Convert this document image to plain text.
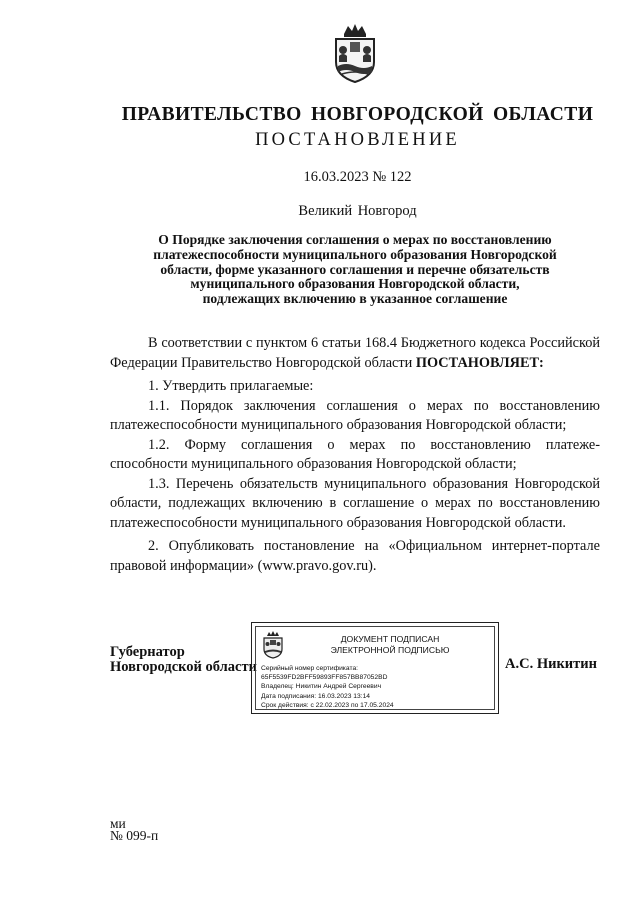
ПРАВИТЕЛЬСТВО НОВГОРОДСКОЙ ОБЛАСТИ
ПОСТАНОВЛЕНИЕ
16.03.2023 № 122
Великий Новгород
О Порядке заключения соглашения о мерах по восстановлению
платежеспособности муниципального образования Новгородской
области, форме указанного соглашения и перечне обязательств
муниципального образования Новгородской области,
подлежащих включению в указанное соглашение

В соответствии с пунктом 6 статьи 168.4 Бюджетного кодекса Российской Федерации Правительство Новгородской области ПОСТАНОВЛЯЕТ:

1. Утвердить прилагаемые:

1.1. Порядок заключения соглашения о мерах по восстановлению платежеспособности муниципального образования Новгородской области;

1.2. Форму соглашения о мерах по восстановлению платеже-

способности муниципального образования Новгородской области;

1.3. Перечень обязательств муниципального образования Новгородской области, подлежащих включению в соглашение о мерах по восстановлению платежеспособности муниципального образования Новгородской области.

2. Опубликовать постановление на «Официальном интернет-портале правовой информации» (www.pravo.gov.ru).

Губернатор
Новгородской области
ДОКУМЕНТ ПОДПИСАН
ЭЛЕКТРОННОЙ ПОДПИСЬЮ
Серийный номер сертификата:
65F5539FD2BFF59893FF857BB87052BD
Владелец: Никитин Андрей Сергеевич
Дата подписания: 16.03.2023 13:14
Срок действия: с 22.02.2023 по 17.05.2024
А.С. Никитин
ми
№ 099-п
